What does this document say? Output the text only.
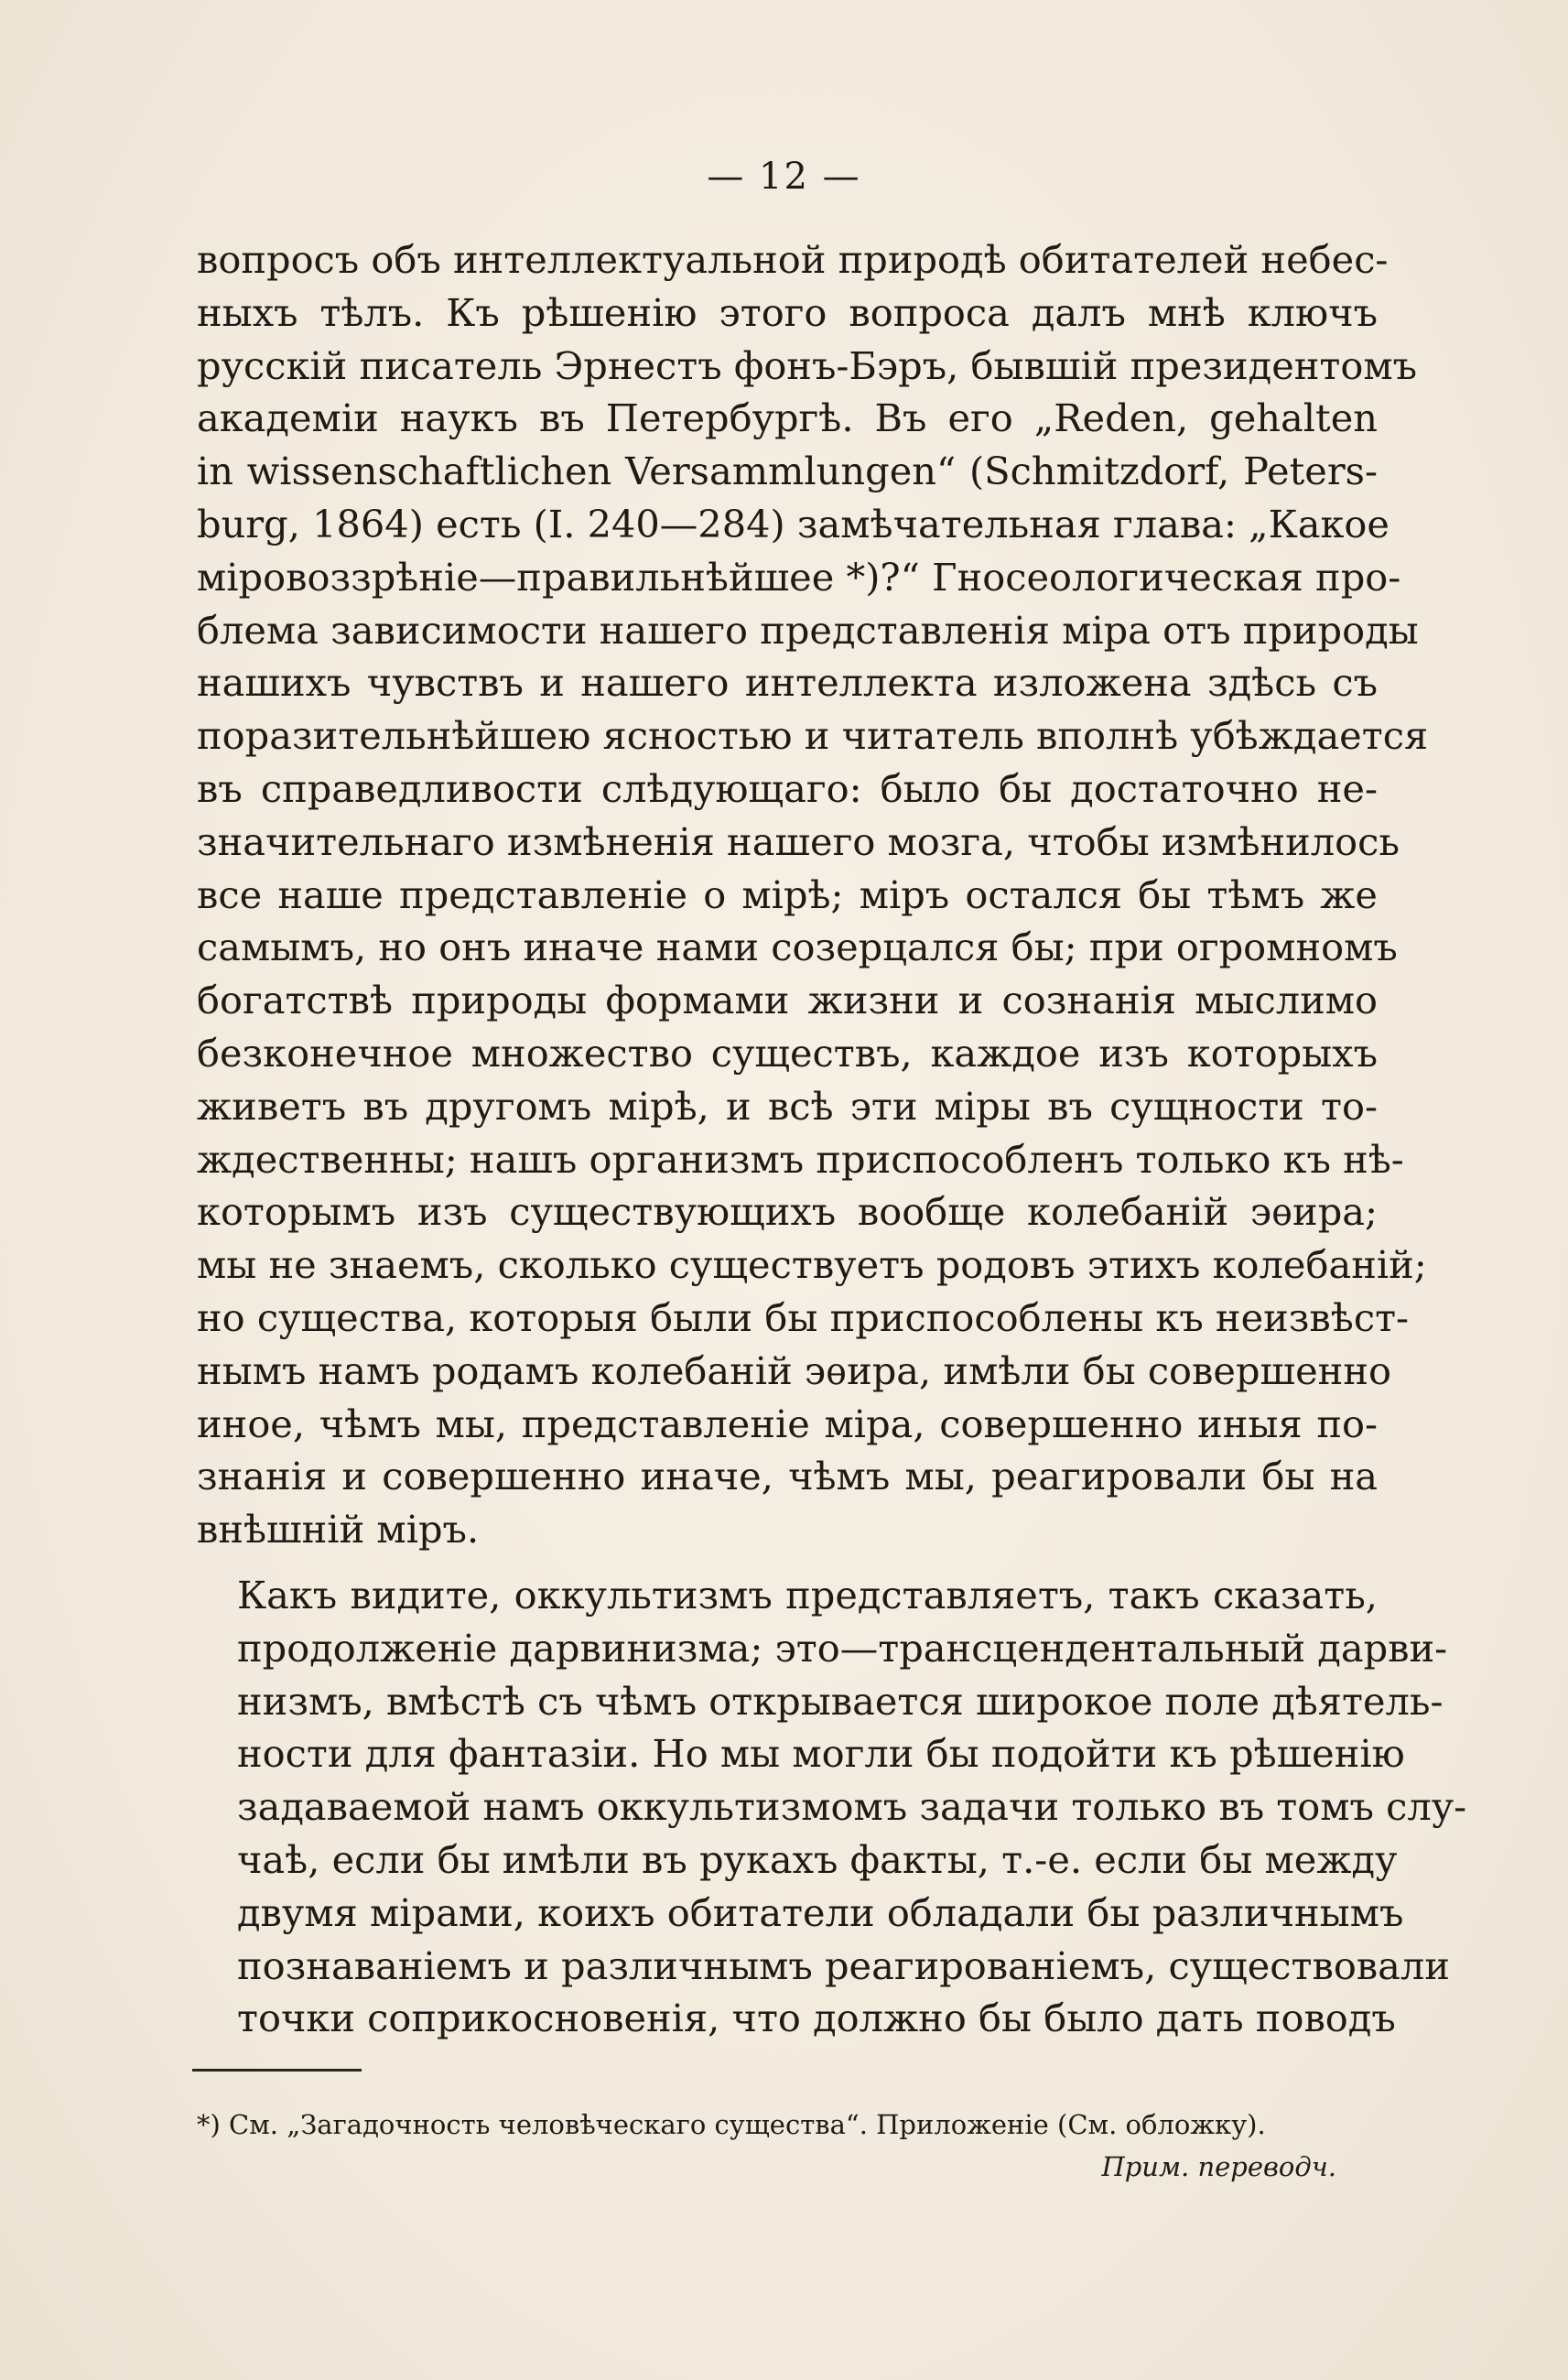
— 12 —

вопросъ объ интеллектуальной природѣ обитателей небес-
ныхъ тѣлъ. Къ рѣшенію этого вопроса далъ мнѣ ключъ
русскій писатель Эрнестъ фонъ-Бэръ, бывшій президентомъ
академіи наукъ въ Петербургѣ. Въ его „Reden, gehalten
in wissenschaftlichen Versammlungen“ (Schmitzdorf, Peters-
burg, 1864) есть (I. 240—284) замѣчательная глава: „Какое
міровоззрѣніе—правильнѣйшее *)?“ Гносеологическая про-
блема зависимости нашего представленія міра отъ природы
нашихъ чувствъ и нашего интеллекта изложена здѣсь съ
поразительнѣйшею ясностью и читатель вполнѣ убѣждается
въ справедливости слѣдующаго: было бы достаточно не-
значительнаго измѣненія нашего мозга, чтобы измѣнилось
все наше представленіе о мірѣ; міръ остался бы тѣмъ же
самымъ, но онъ иначе нами созерцался бы; при огромномъ
богатствѣ природы формами жизни и сознанія мыслимо
безконечное множество существъ, каждое изъ которыхъ
живетъ въ другомъ мірѣ, и всѣ эти міры въ сущности то-
ждественны; нашъ организмъ приспособленъ только къ нѣ-
которымъ изъ существующихъ вообще колебаній эѳира;
мы не знаемъ, сколько существуетъ родовъ этихъ колебаній;
но существа, которыя были бы приспособлены къ неизвѣст-
нымъ намъ родамъ колебаній эѳира, имѣли бы совершенно
иное, чѣмъ мы, представленіе міра, совершенно иныя по-
знанія и совершенно иначе, чѣмъ мы, реагировали бы на
внѣшній міръ.

Какъ видите, оккультизмъ представляетъ, такъ сказать,
продолженіе дарвинизма; это—трансцендентальный дарви-
низмъ, вмѣстѣ съ чѣмъ открывается широкое поле дѣятель-
ности для фантазіи. Но мы могли бы подойти къ рѣшенію
задаваемой намъ оккультизмомъ задачи только въ томъ слу-
чаѣ, если бы имѣли въ рукахъ факты, т.-е. если бы между
двумя мірами, коихъ обитатели обладали бы различнымъ
познаваніемъ и различнымъ реагированіемъ, существовали
точки соприкосновенія, что должно бы было дать поводъ

*) См. „Загадочность человѣческаго существа“. Приложеніе (См. обложку).
Прим. переводч.
